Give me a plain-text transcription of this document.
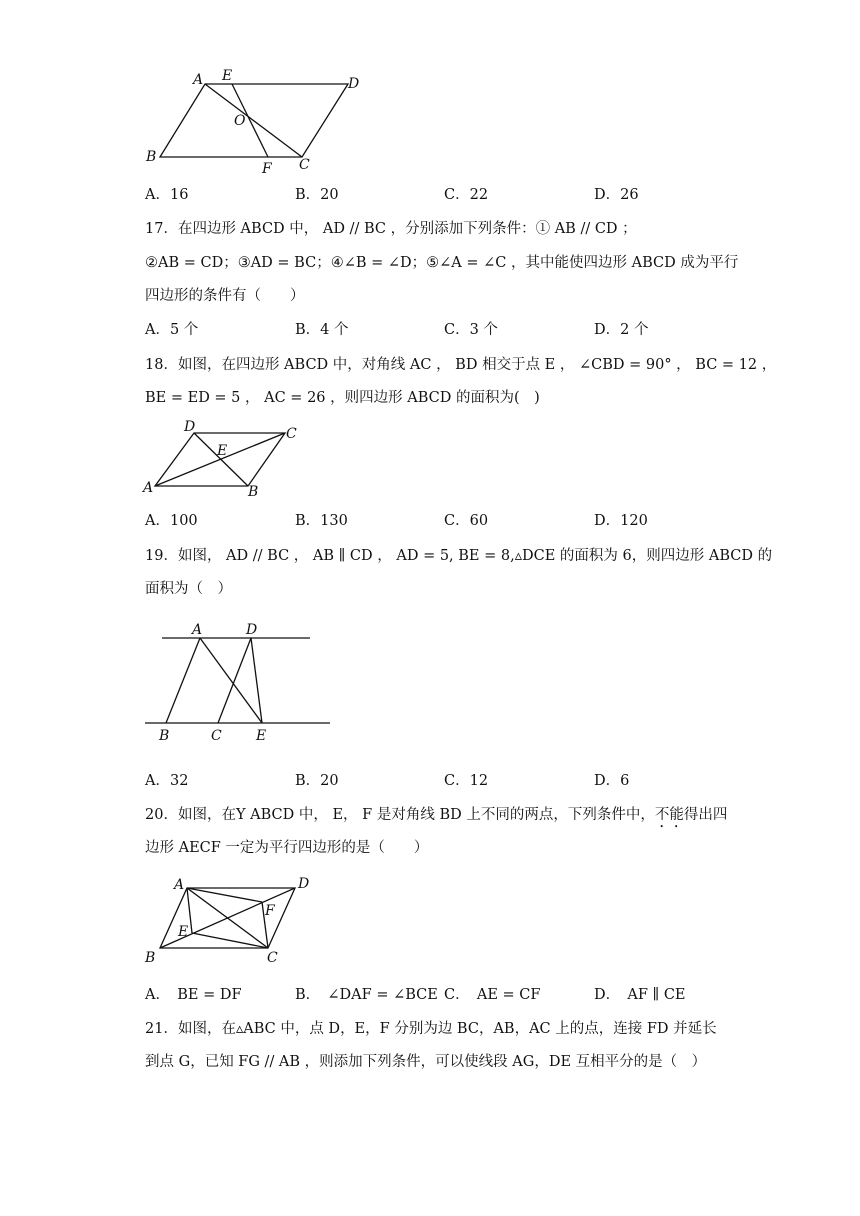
A E	D
O
B
F C
A．16	B．20	C．22	D．26
17．在四边形 ABCD 中， AD // BC ，分别添加下列条件：① AB // CD ；
②AB = CD；③AD = BC；④∠B = ∠D；⑤∠A = ∠C ，其中能使四边形 ABCD 成为平行
四边形的条件有（　　）
A．5 个	B．4 个	C．3 个	D．2 个
18．如图，在四边形 ABCD 中，对角线 AC ， BD 相交于点 E ， ∠CBD = 90° ， BC = 12 ，
BE = ED = 5 ， AC = 26 ，则四边形 ABCD 的面积为(　)
D	C
E
A	B
A．100	B．130	C．60	D．120
19．如图， AD // BC ， AB ∥ CD ， AD = 5, BE = 8,▵DCE 的面积为 6，则四边形 ABCD 的
面积为（　）
A	D
B	C E
A．32	B．20	C．12	D．6
20．如图，在Y ABCD 中， E， F 是对角线 BD 上不同的两点，下列条件中，不能得出四
边形 AECF 一定为平行四边形的是（　　）
A	D
F
E
B	C
A．　BE = DF	B．　∠DAF = ∠BCE C．　AE = CF	D．　AF ∥ CE
21．如图，在▵ABC 中，点 D，E，F 分别为边 BC，AB，AC 上的点，连接 FD 并延长
到点 G，已知 FG // AB ，则添加下列条件，可以使线段 AG，DE 互相平分的是（　）
